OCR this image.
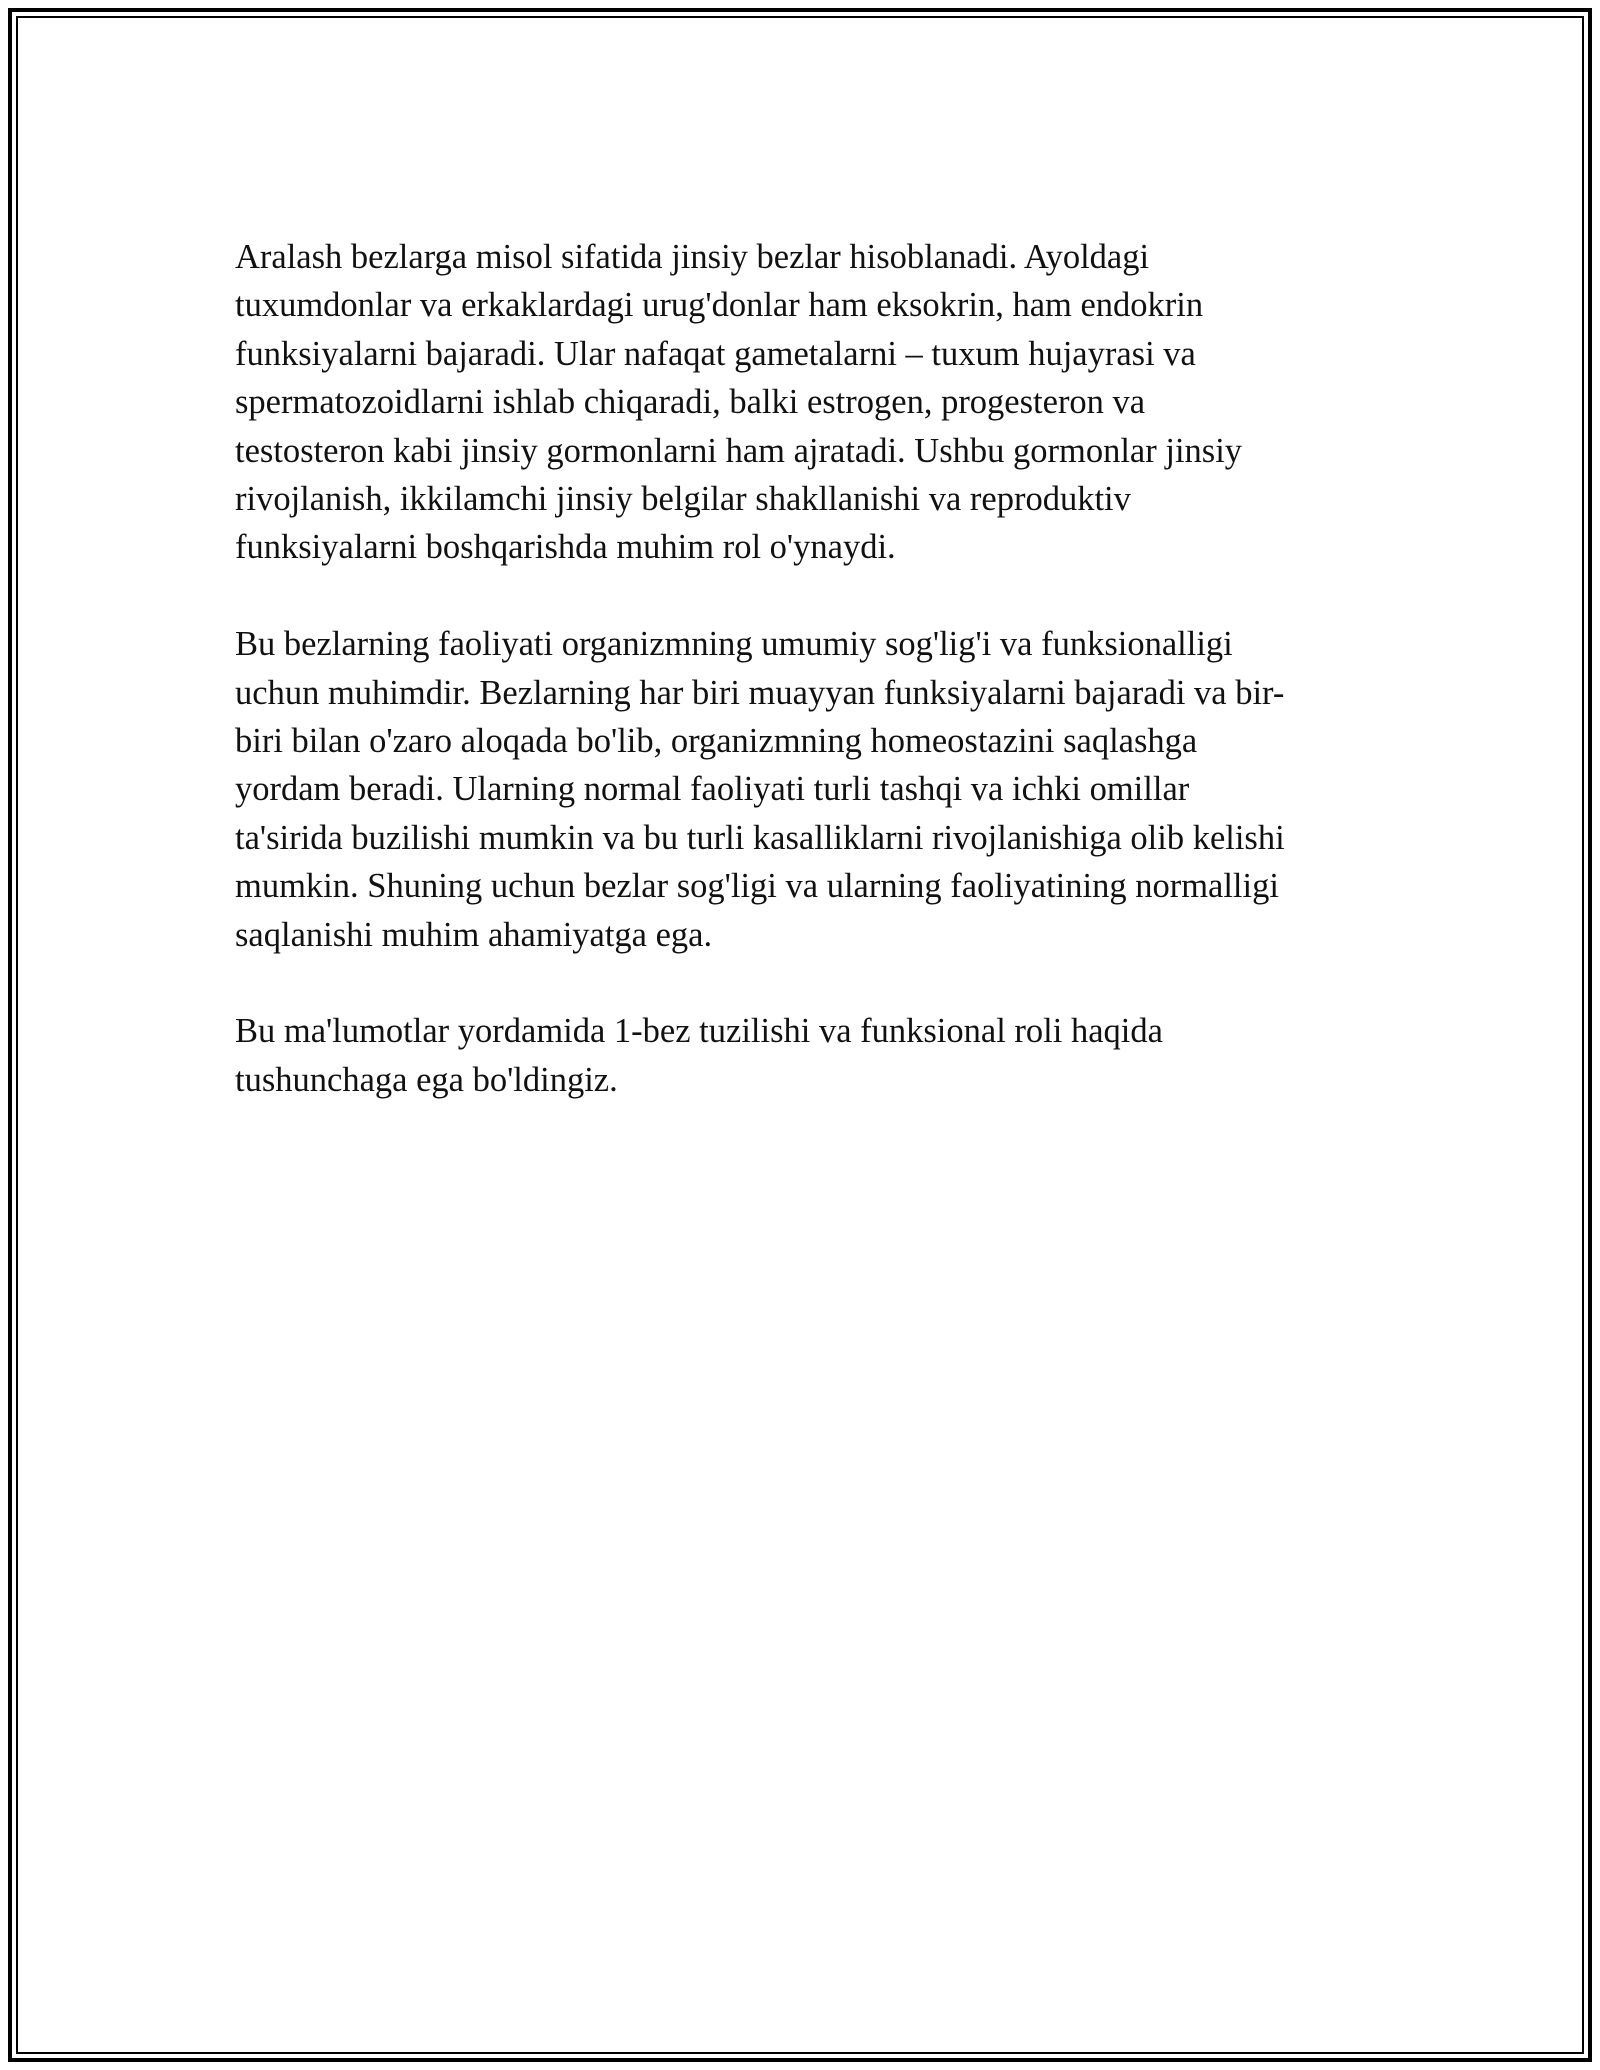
Aralash bezlarga misol sifatida jinsiy bezlar hisoblanadi. Ayoldagi
tuxumdonlar va erkaklardagi urug'donlar ham eksokrin, ham endokrin
funksiyalarni bajaradi. Ular nafaqat gametalarni – tuxum hujayrasi va
spermatozoidlarni ishlab chiqaradi, balki estrogen, progesteron va
testosteron kabi jinsiy gormonlarni ham ajratadi. Ushbu gormonlar jinsiy
rivojlanish, ikkilamchi jinsiy belgilar shakllanishi va reproduktiv
funksiyalarni boshqarishda muhim rol o'ynaydi.

Bu bezlarning faoliyati organizmning umumiy sog'lig'i va funksionalligi
uchun muhimdir. Bezlarning har biri muayyan funksiyalarni bajaradi va bir-
biri bilan o'zaro aloqada bo'lib, organizmning homeostazini saqlashga
yordam beradi. Ularning normal faoliyati turli tashqi va ichki omillar
ta'sirida buzilishi mumkin va bu turli kasalliklarni rivojlanishiga olib kelishi
mumkin. Shuning uchun bezlar sog'ligi va ularning faoliyatining normalligi
saqlanishi muhim ahamiyatga ega.

Bu ma'lumotlar yordamida 1-bez tuzilishi va funksional roli haqida
tushunchaga ega bo'ldingiz.
